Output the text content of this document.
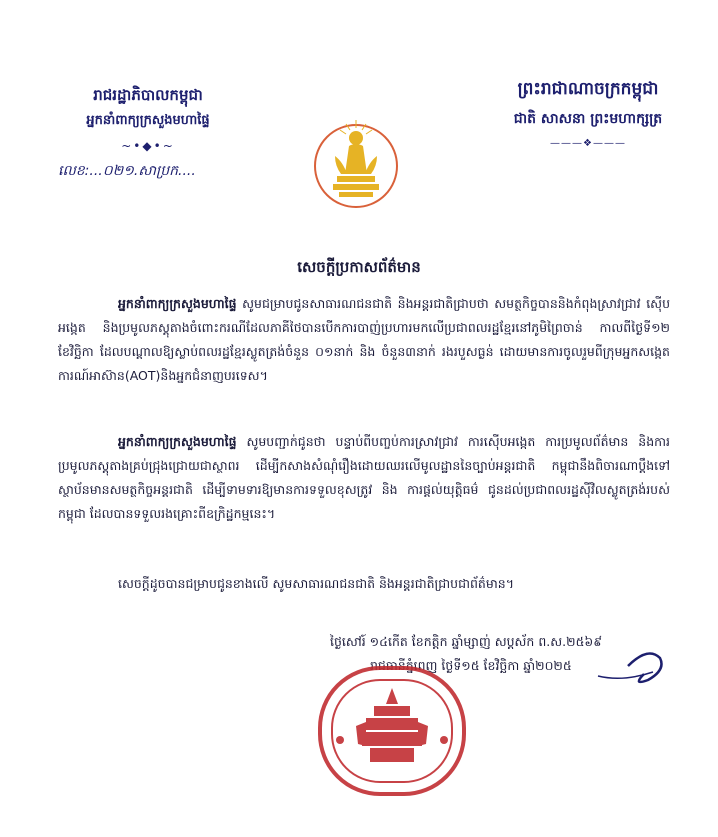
រាជរដ្ឋាភិបាលកម្ពុជា
អ្នកនាំពាក្យក្រសួងមហាផ្ទៃ
~•◆•~
លេខ:...០២១.សាប្រក....
ព្រះរាជាណាចក្រកម្ពុជា
ជាតិ សាសនា ព្រះមហាក្សត្រ
———❖———
សេចក្តីប្រកាសព័ត៌មាន
អ្នកនាំពាក្យក្រសួងមហាផ្ទៃ សូមជម្រាបជូនសាធារណជនជាតិ និងអន្តរជាតិជ្រាបថា សមត្ថកិច្ចបាននិងកំពុងស្រាវជ្រាវ ស៊ើបអង្កេត និងប្រមូលភស្តុតាងចំពោះករណីដែលភាគីថៃបានបើកការបាញ់ប្រហារមកលើប្រជាពលរដ្ឋខ្មែរនៅភូមិព្រៃចាន់ កាលពីថ្ងៃទី១២ ខែវិច្ឆិកា ដែលបណ្តាលឱ្យស្លាប់ពលរដ្ឋខ្មែរស្លូតត្រង់ចំនួន ០១នាក់ និង ចំនួន៣នាក់ រងរបួសធ្ងន់ ដោយមានការចូលរួមពីក្រុមអ្នកសង្កេតការណ៍អាស៊ាន(AOT)និងអ្នកជំនាញបរទេស។
អ្នកនាំពាក្យក្រសួងមហាផ្ទៃ សូមបញ្ជាក់ជូនថា បន្ទាប់ពីបញ្ចប់ការស្រាវជ្រាវ ការស៊ើបអង្កេត ការប្រមូលព័ត៌មាន និងការប្រមូលភស្តុតាងគ្រប់ជ្រុងជ្រោយជាស្ថាពរ ដើម្បីកសាងសំណុំរឿងដោយឈរលើមូលដ្ឋាននៃច្បាប់អន្តរជាតិ កម្ពុជានឹងពិចារណាប្តឹងទៅស្ថាប័នមានសមត្ថកិច្ចអន្តរជាតិ ដើម្បីទាមទារឱ្យមានការទទួលខុសត្រូវ និង ការផ្តល់យុត្តិធម៌ ជូនដល់ប្រជាពលរដ្ឋស៊ីវិលស្លូតត្រង់របស់កម្ពុជា ដែលបានទទួលរងគ្រោះពីឧក្រិដ្ឋកម្មនេះ។
សេចក្តីដូចបានជម្រាបជូនខាងលើ សូមសាធារណជនជាតិ និងអន្តរជាតិជ្រាបជាព័ត៌មាន។
ថ្ងៃសៅរ៍ ១៤កើត ខែកត្តិក ឆ្នាំម្សាញ់ សប្តស័ក ព.ស.២៥៦៩
រាជធានីភ្នំពេញ ថ្ងៃទី១៥ ខែវិច្ឆិកា ឆ្នាំ២០២៥
